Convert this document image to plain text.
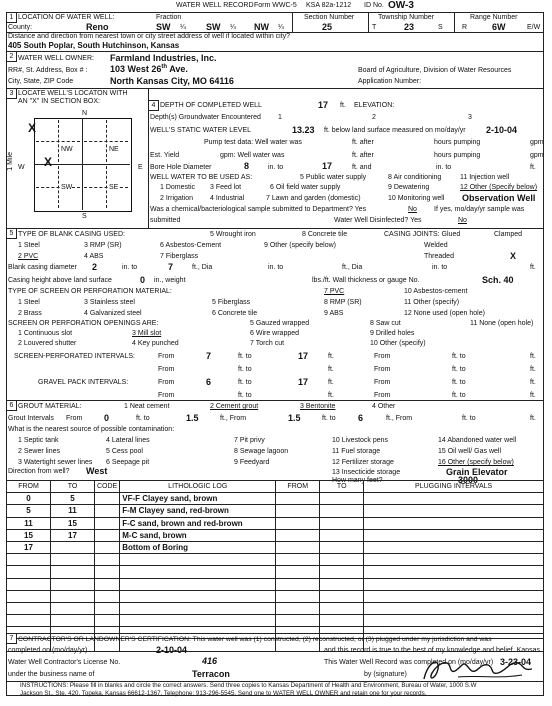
WATER WELL RECORD Form WWC-5 KSA 82a-1212 ID No. OW-3
1 LOCATION OF WATER WELL:
County:	Reno
Fraction
SW ¼ SW ¼ NW ¼
Section Number
25
Township Number
T	23	S
Range Number
R	6W	E/W
Distance and direction from nearest town or city street address of well if located within city?
405 South Poplar, South Hutchinson, Kansas
2 WATER WELL OWNER: Farmland Industries, Inc.
RR#, St. Address, Box # :	103 West 26th Ave.	Board of Agriculture, Division of Water Resources
City, State, ZIP Code	North Kansas City, MO 64116	Application Number:
3 LOCATE WELL'S LOCATON WITH AN "X" IN SECTION BOX:
N
S
W	E
1 Mile
NW	NE
SW	SE
X
X
4 DEPTH OF COMPLETED WELL	17 ft. ELEVATION:
Depth(s) Groundwater Encountered 1	2	3
WELL'S STATIC WATER LEVEL	13.23 ft. below land surface measured on mo/day/yr 2-10-04
Pump test data: Well water was	ft. after	hours pumping	gpm
Est. Yield	gpm: Well water was	ft. after	hours pumping	gpm
Bore Hole Diameter	8	in. to	17	ft. and	in. to	ft.
WELL WATER TO BE USED AS:	5 Public water supply	8 Air conditioning	11 Injection well
1 Domestic 3 Feed lot	6 Oil field water supply	9 Dewatering	12 Other (Specify below)
2 Irrigation 4 Industrial	7 Lawn and garden (domestic)	10 Monitoring well Observation Well
Was a chemical/bacteriological sample submitted to Department? Yes	No If yes, mo/day/yr sample was
submitted	Water Well Disinfected? Yes	No
5 TYPE OF BLANK CASING USED:	5 Wrought iron	8 Concrete tile	CASING JOINTS: Glued	Clamped
1 Steel	3 RMP (SR)	6 Asbestos-Cement	9 Other (specify below)	Welded
2 PVC	4 ABS	7 Fiberglass	Threaded	X
Blank casing diameter 2	in. to	7	ft., Dia	in. to	ft., Dia	in. to	ft.
Casing height above land surface	0 in., weight	lbs./ft. Wall thickness or gauge No.	Sch. 40
TYPE OF SCREEN OR PERFORATION MATERIAL:	7 PVC	10 Asbestos-cement
1 Steel	3 Stainless steel	5 Fiberglass	8 RMP (SR)	11 Other (specify)
2 Brass	4 Galvanized steel	6 Concrete tile	9 ABS	12 None used (open hole)
SCREEN OR PERFORATION OPENINGS ARE:	5 Gauzed wrapped	8 Saw cut	11 None (open hole)
1 Continuous slot	3 Mill slot	6 Wire wrapped	9 Drilled holes
2 Louvered shutter	4 Key punched	7 Torch cut	10 Other (specify)
SCREEN-PERFORATED INTERVALS:	From	7	ft. to	17	ft.	From	ft. to	ft.
From	ft. to	ft.	From	ft. to	ft.
GRAVEL PACK INTERVALS:	From	6	ft. to	17	ft.	From	ft. to	ft.
From	ft. to	ft.	From	ft. to	ft.
6 GROUT MATERIAL:	1 Neat cement	2 Cement grout	3 Bentonite	4 Other
Grout Intervals From 0	ft. to	1.5	ft., From	1.5	ft. to 6	ft., From	ft. to	ft.
What is the nearest source of possible contamination:
1 Septic tank	4 Lateral lines	7 Pit privy	10 Livestock pens	14 Abandoned water well
2 Sewer lines	5 Cess pool	8 Sewage lagoon	11 Fuel storage	15 Oil well/ Gas well
3 Watertight sewer lines 6 Seepage pit	9 Feedyard	12 Fertilizer storage	16 Other (specify below)
13 Insecticide storage	Grain Elevator
Direction from well? West
How many feet?	3000
FROM	TO	CODE	LITHOLOGIC LOG	FROM	TO	PLUGGING INTERVALS
0	5		VF-F Clayey sand, brown			
5	11		F-M Clayey sand, red-brown			
11	15		F-C sand, brown and red-brown			
15	17		M-C sand, brown			
17			Bottom of Boring			

7 CONTRACTOR'S OR LANDOWNER'S CERTIFICATION: This water well was (1) constructed, (2) reconstructed, or (3) plugged under my jurisdiction and was
completed on (mo/day/yr)	2-10-04	and this record is true to the best of my knowledge and belief. Kansas
Water Well Contractor's License No.	416	This Water Well Record was completed on (mo/day/yr) 3-23-04
under the business name of	Terracon	by (signature)
INSTRUCTIONS: Please fill in blanks and circle the correct answers. Send three copies to Kansas Department of Health and Environment, Bureau of Water, 1000 S.W
Jackson St., Ste. 420, Topeka, Kansas 66612-1367. Telephone: 913-296-5545. Send one to WATER WELL OWNER and retain one for your records.
